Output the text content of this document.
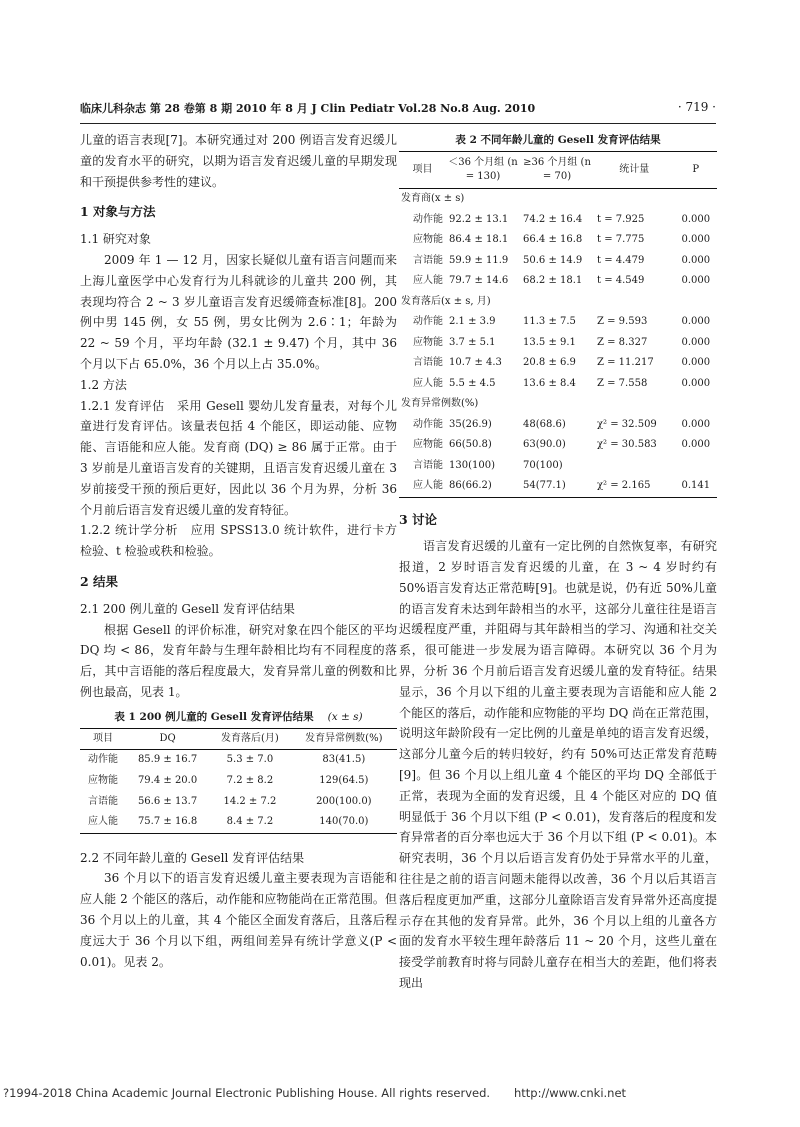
临床儿科杂志 第 28 卷第 8 期 2010 年 8 月 J Clin Pediatr Vol.28 No.8 Aug. 2010	· 719 ·

儿童的语言表现[7]。本研究通过对 200 例语言发育迟缓儿童的发育水平的研究，以期为语言发育迟缓儿童的早期发现和干预提供参考性的建议。

1 对象与方法

1.1 研究对象

2009 年 1 — 12 月，因家长疑似儿童有语言问题而来上海儿童医学中心发育行为儿科就诊的儿童共 200 例，其表现均符合 2 ~ 3 岁儿童语言发育迟缓筛查标准[8]。200 例中男 145 例，女 55 例，男女比例为 2.6∶1；年龄为 22 ~ 59 个月，平均年龄 (32.1 ± 9.47) 个月，其中 36 个月以下占 65.0%，36 个月以上占 35.0%。

1.2 方法

1.2.1 发育评估　 采用 Gesell 婴幼儿发育量表，对每个儿童进行发育评估。该量表包括 4 个能区，即运动能、应物能、言语能和应人能。发育商 (DQ) ≥ 86 属于正常。由于 3 岁前是儿童语言发育的关键期，且语言发育迟缓儿童在 3 岁前接受干预的预后更好，因此以 36 个月为界，分析 36 个月前后语言发育迟缓儿童的发育特征。

1.2.2 统计学分析　 应用 SPSS13.0 统计软件，进行卡方检验、t 检验或秩和检验。

2 结果

2.1 200 例儿童的 Gesell 发育评估结果

根据 Gesell 的评价标准，研究对象在四个能区的平均 DQ 均 < 86，发育年龄与生理年龄相比均有不同程度的落后，其中言语能的落后程度最大，发育异常儿童的例数和比例也最高，见表 1。

表 1 200 例儿童的 Gesell 发育评估结果 (x ± s)
项目	DQ	发育落后(月)	发育异常例数(%)
动作能	85.9 ± 16.7	5.3 ± 7.0	83(41.5)
应物能	79.4 ± 20.0	7.2 ± 8.2	129(64.5)
言语能	56.6 ± 13.7	14.2 ± 7.2	200(100.0)
应人能	75.7 ± 16.8	8.4 ± 7.2	140(70.0)

2.2 不同年龄儿童的 Gesell 发育评估结果

36 个月以下的语言发育迟缓儿童主要表现为言语能和应人能 2 个能区的落后，动作能和应物能尚在正常范围。但 36 个月以上的儿童，其 4 个能区全面发育落后，且落后程度远大于 36 个月以下组，两组间差异有统计学意义(P < 0.01)。见表 2。

表 2 不同年龄儿童的 Gesell 发育评估结果
项目	＜36 个月组 (n = 130)	≥36 个月组 (n = 70)	统计量	P
发育商(x ± s)				
动作能	92.2 ± 13.1	74.2 ± 16.4	t = 7.925	0.000
应物能	86.4 ± 18.1	66.4 ± 16.8	t = 7.775	0.000
言语能	59.9 ± 11.9	50.6 ± 14.9	t = 4.479	0.000
应人能	79.7 ± 14.6	68.2 ± 18.1	t = 4.549	0.000
发育落后(x ± s, 月)				
动作能	2.1 ± 3.9	11.3 ± 7.5	Z = 9.593	0.000
应物能	3.7 ± 5.1	13.5 ± 9.1	Z = 8.327	0.000
言语能	10.7 ± 4.3	20.8 ± 6.9	Z = 11.217	0.000
应人能	5.5 ± 4.5	13.6 ± 8.4	Z = 7.558	0.000
发育异常例数(%)				
动作能	35(26.9)	48(68.6)	χ² = 32.509	0.000
应物能	66(50.8)	63(90.0)	χ² = 30.583	0.000
言语能	130(100)	70(100)		
应人能	86(66.2)	54(77.1)	χ² = 2.165	0.141
3 讨论

语言发育迟缓的儿童有一定比例的自然恢复率，有研究报道，2 岁时语言发育迟缓的儿童，在 3 ~ 4 岁时约有 50%语言发育达正常范畴[9]。也就是说，仍有近 50%儿童的语言发育未达到年龄相当的水平，这部分儿童往往是语言迟缓程度严重，并阻碍与其年龄相当的学习、沟通和社交关系，很可能进一步发展为语言障碍。本研究以 36 个月为界，分析 36 个月前后语言发育迟缓儿童的发育特征。结果显示，36 个月以下组的儿童主要表现为言语能和应人能 2 个能区的落后，动作能和应物能的平均 DQ 尚在正常范围，说明这年龄阶段有一定比例的儿童是单纯的语言发育迟缓，这部分儿童今后的转归较好，约有 50%可达正常发育范畴[9]。但 36 个月以上组儿童 4 个能区的平均 DQ 全部低于正常，表现为全面的发育迟缓，且 4 个能区对应的 DQ 值明显低于 36 个月以下组 (P < 0.01)，发育落后的程度和发育异常者的百分率也远大于 36 个月以下组 (P < 0.01)。本研究表明，36 个月以后语言发育仍处于异常水平的儿童，往往是之前的语言问题未能得以改善，36 个月以后其语言落后程度更加严重，这部分儿童除语言发育异常外还高度提示存在其他的发育异常。此外，36 个月以上组的儿童各方面的发育水平较生理年龄落后 11 ~ 20 个月，这些儿童在接受学前教育时将与同龄儿童存在相当大的差距，他们将表现出

?1994-2018 China Academic Journal Electronic Publishing House. All rights reserved. http://www.cnki.net
